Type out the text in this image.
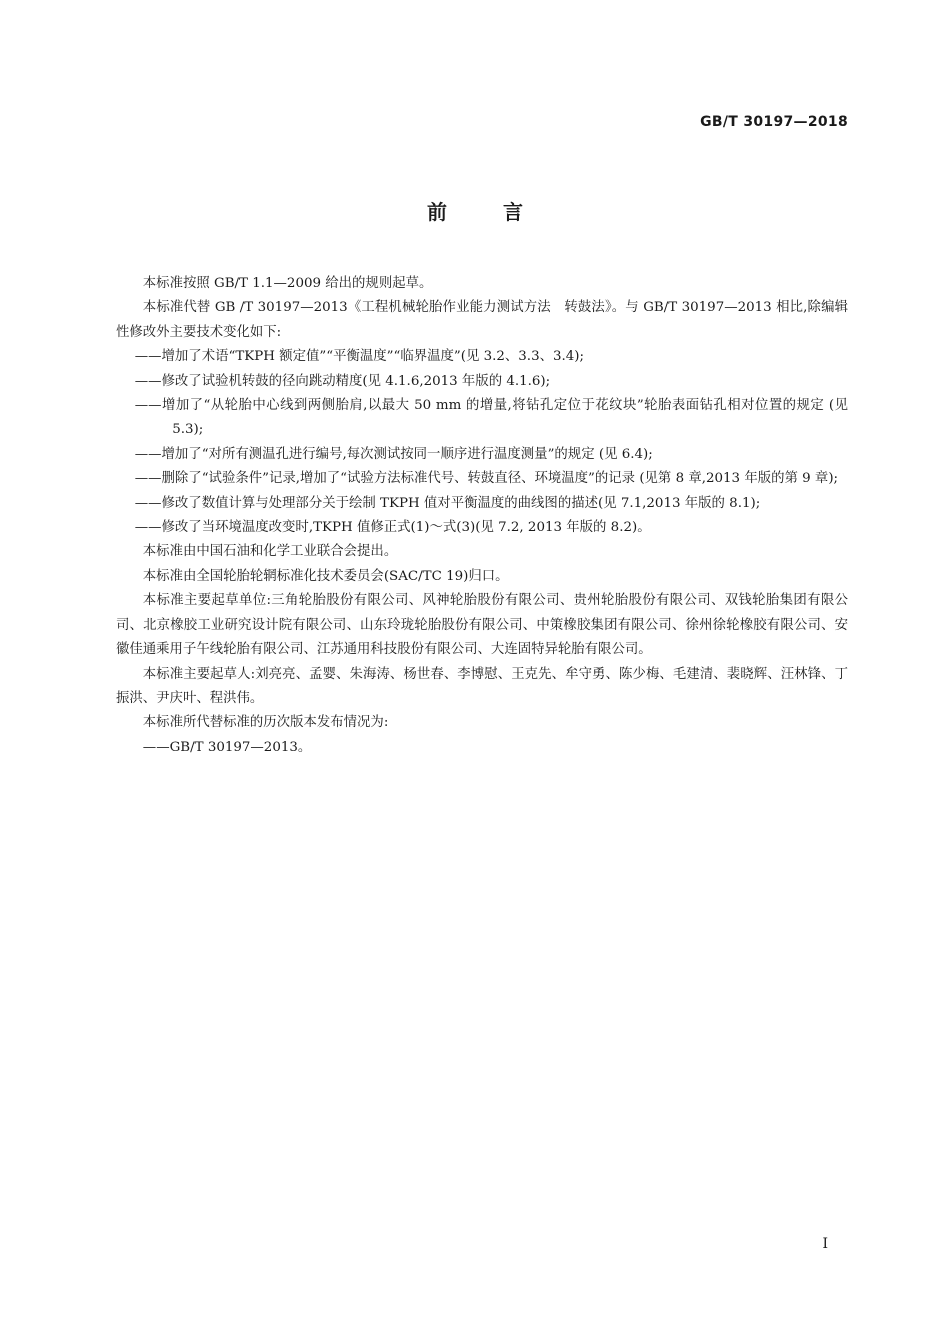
GB/T 30197—2018
前言

本标准按照 GB/T 1.1—2009 给出的规则起草。

本标准代替 GB /T 30197—2013《工程机械轮胎作业能力测试方法　转鼓法》。与 GB/T 30197—2013 相比,除编辑性修改外主要技术变化如下:

——增加了术语“TKPH 额定值”“平衡温度”“临界温度”(见 3.2、3.3、3.4);

——修改了试验机转鼓的径向跳动精度(见 4.1.6,2013 年版的 4.1.6);

——增加了“从轮胎中心线到两侧胎肩,以最大 50 mm 的增量,将钻孔定位于花纹块”轮胎表面钻孔相对位置的规定 (见 5.3);

——增加了“对所有测温孔进行编号,每次测试按同一顺序进行温度测量”的规定 (见 6.4);

——删除了“试验条件”记录,增加了“试验方法标准代号、转鼓直径、环境温度”的记录 (见第 8 章,2013 年版的第 9 章);

——修改了数值计算与处理部分关于绘制 TKPH 值对平衡温度的曲线图的描述(见 7.1,2013 年版的 8.1);

——修改了当环境温度改变时,TKPH 值修正式(1)～式(3)(见 7.2, 2013 年版的 8.2)。

本标准由中国石油和化学工业联合会提出。

本标准由全国轮胎轮辋标准化技术委员会(SAC/TC 19)归口。

本标准主要起草单位:三角轮胎股份有限公司、风神轮胎股份有限公司、贵州轮胎股份有限公司、双钱轮胎集团有限公司、北京橡胶工业研究设计院有限公司、山东玲珑轮胎股份有限公司、中策橡胶集团有限公司、徐州徐轮橡胶有限公司、安徽佳通乘用子午线轮胎有限公司、江苏通用科技股份有限公司、大连固特异轮胎有限公司。

本标准主要起草人:刘亮亮、孟婴、朱海涛、杨世春、李博慰、王克先、牟守勇、陈少梅、毛建清、裴晓辉、汪林锋、丁振洪、尹庆叶、程洪伟。

本标准所代替标准的历次版本发布情况为:

——GB/T 30197—2013。

I
